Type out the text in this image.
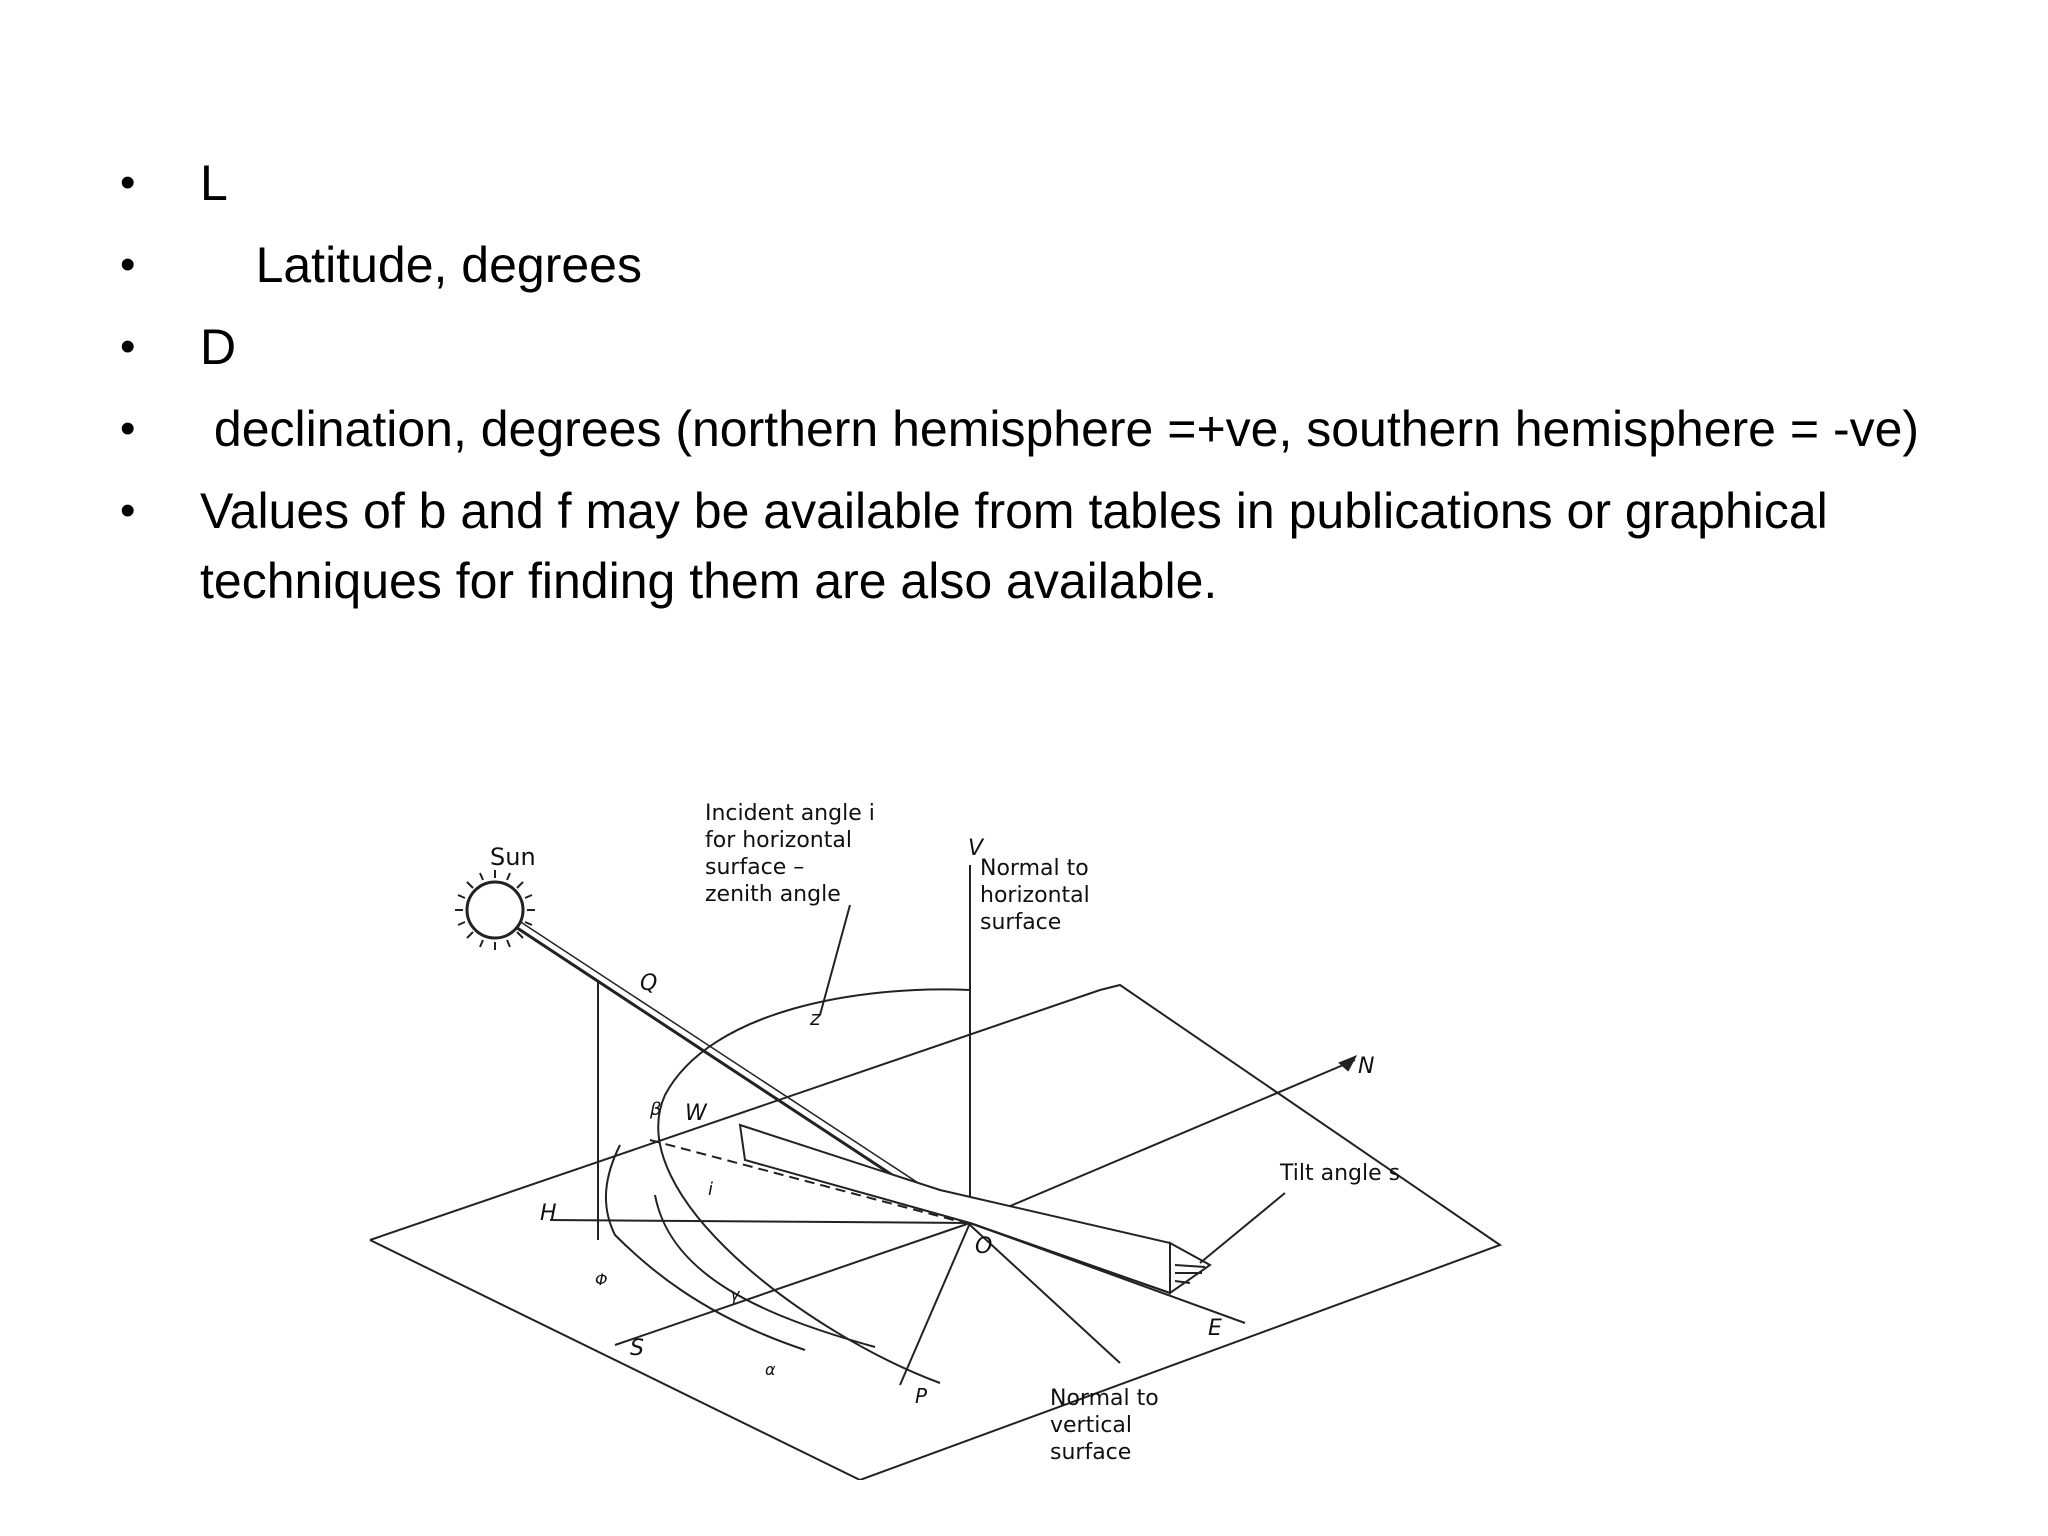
• L
• Latitude, degrees
• D
• declination, degrees (northern hemisphere =+ve, southern hemisphere = -ve)
• Values of b and f may be available from tables in publications or graphical techniques for finding them are also available.
Sun
Incident angle i
for horizontal
surface –
zenith angle
Normal to
horizontal
surface
Normal to
vertical
surface
Tilt angle s
V
Q
z
W
β
H
O
i
N
S
E
P
Φ
γ
α
